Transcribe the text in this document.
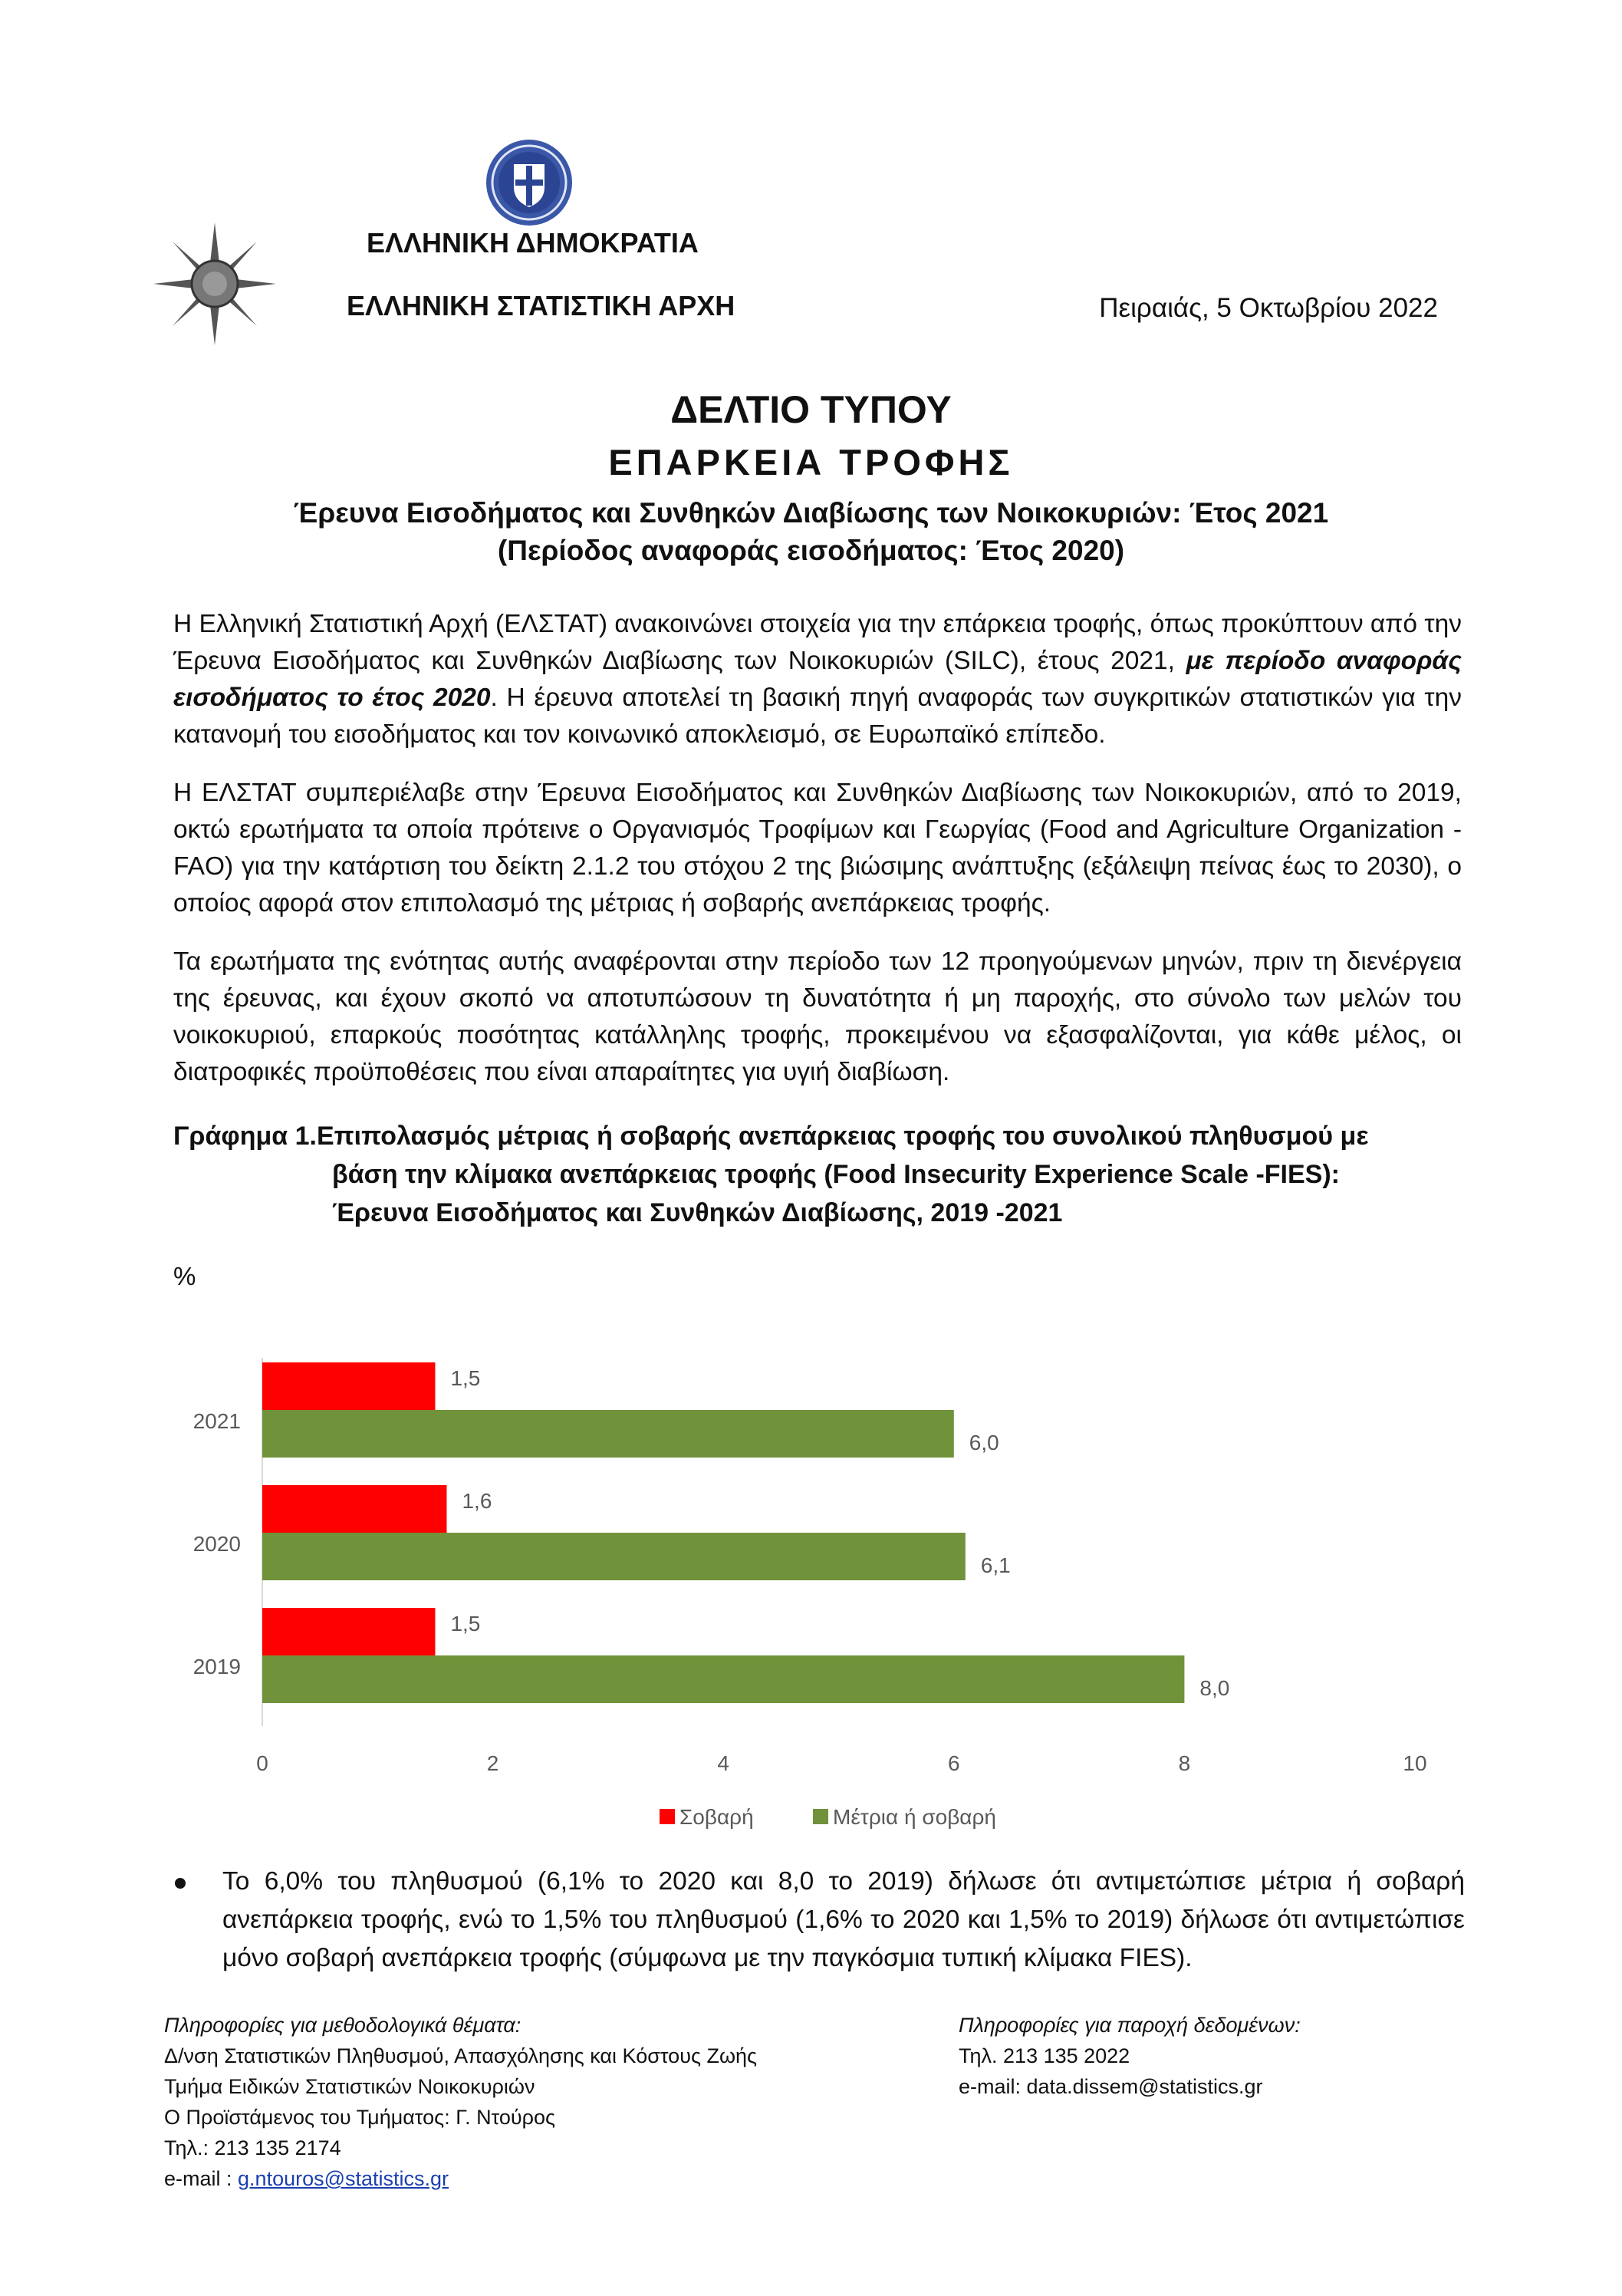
ΕΛΛΗΝΙΚΗ ΔΗΜΟΚΡΑΤΙΑ
ΕΛΛΗΝΙΚΗ ΣΤΑΤΙΣΤΙΚΗ ΑΡΧΗ	Πειραιάς, 5 Οκτωβρίου 2022
ΔΕΛΤΙΟ ΤΥΠΟΥ
ΕΠΑΡΚΕΙΑ ΤΡΟΦΗΣ
Έρευνα Εισοδήματος και Συνθηκών Διαβίωσης των Νοικοκυριών: Έτος 2021
(Περίοδος αναφοράς εισοδήματος: Έτος 2020)

Η Ελληνική Στατιστική Αρχή (ΕΛΣΤΑΤ) ανακοινώνει στοιχεία για την επάρκεια τροφής, όπως προκύπτουν από την Έρευνα Εισοδήματος και Συνθηκών Διαβίωσης των Νοικοκυριών (SILC), έτους 2021, με περίοδο αναφοράς εισοδήματος το έτος 2020. Η έρευνα αποτελεί τη βασική πηγή αναφοράς των συγκριτικών στατιστικών για την κατανομή του εισοδήματος και τον κοινωνικό αποκλεισμό, σε Ευρωπαϊκό επίπεδο.

Η ΕΛΣΤΑΤ συμπεριέλαβε στην Έρευνα Εισοδήματος και Συνθηκών Διαβίωσης των Νοικοκυριών, από το 2019, οκτώ ερωτήματα τα οποία πρότεινε ο Οργανισμός Τροφίμων και Γεωργίας (Food and Agriculture Organization - FAO) για την κατάρτιση του δείκτη 2.1.2 του στόχου 2 της βιώσιμης ανάπτυξης (εξάλειψη πείνας έως το 2030), ο οποίος αφορά στον επιπολασμό της μέτριας ή σοβαρής ανεπάρκειας τροφής.

Τα ερωτήματα της ενότητας αυτής αναφέρονται στην περίοδο των 12 προηγούμενων μηνών, πριν τη διενέργεια της έρευνας, και έχουν σκοπό να αποτυπώσουν τη δυνατότητα ή μη παροχής, στο σύνολο των μελών του νοικοκυριού, επαρκούς ποσότητας κατάλληλης τροφής, προκειμένου να εξασφαλίζονται, για κάθε μέλος, οι διατροφικές προϋποθέσεις που είναι απαραίτητες για υγιή διαβίωση.

Γράφημα 1.Επιπολασμός μέτριας ή σοβαρής ανεπάρκειας τροφής του συνολικού πληθυσμού με
βάση την κλίμακα ανεπάρκειας τροφής (Food Insecurity Experience Scale -FIES):
Έρευνα Εισοδήματος και Συνθηκών Διαβίωσης, 2019 -2021
%
2021
1,5
6,0
2020
1,6
6,1
2019
1,5
8,0
0	2	4	6	8	10
Σοβαρή	Μέτρια ή σοβαρή

Το 6,0% του πληθυσμού (6,1% το 2020 και 8,0 το 2019) δήλωσε ότι αντιμετώπισε μέτρια ή σοβαρή ανεπάρκεια τροφής, ενώ το 1,5% του πληθυσμού (1,6% το 2020 και 1,5% το 2019) δήλωσε ότι αντιμετώπισε μόνο σοβαρή ανεπάρκεια τροφής (σύμφωνα με την παγκόσμια τυπική κλίμακα FIES).

Πληροφορίες για μεθοδολογικά θέματα:
Δ/νση Στατιστικών Πληθυσμού, Απασχόλησης και Κόστους Ζωής
Τμήμα Ειδικών Στατιστικών Νοικοκυριών
Ο Προϊστάμενος του Τμήματος: Γ. Ντούρος
Τηλ.: 213 135 2174
e-mail : g.ntouros@statistics.gr
Πληροφορίες για παροχή δεδομένων:
Τηλ. 213 135 2022
e-mail: data.dissem@statistics.gr
